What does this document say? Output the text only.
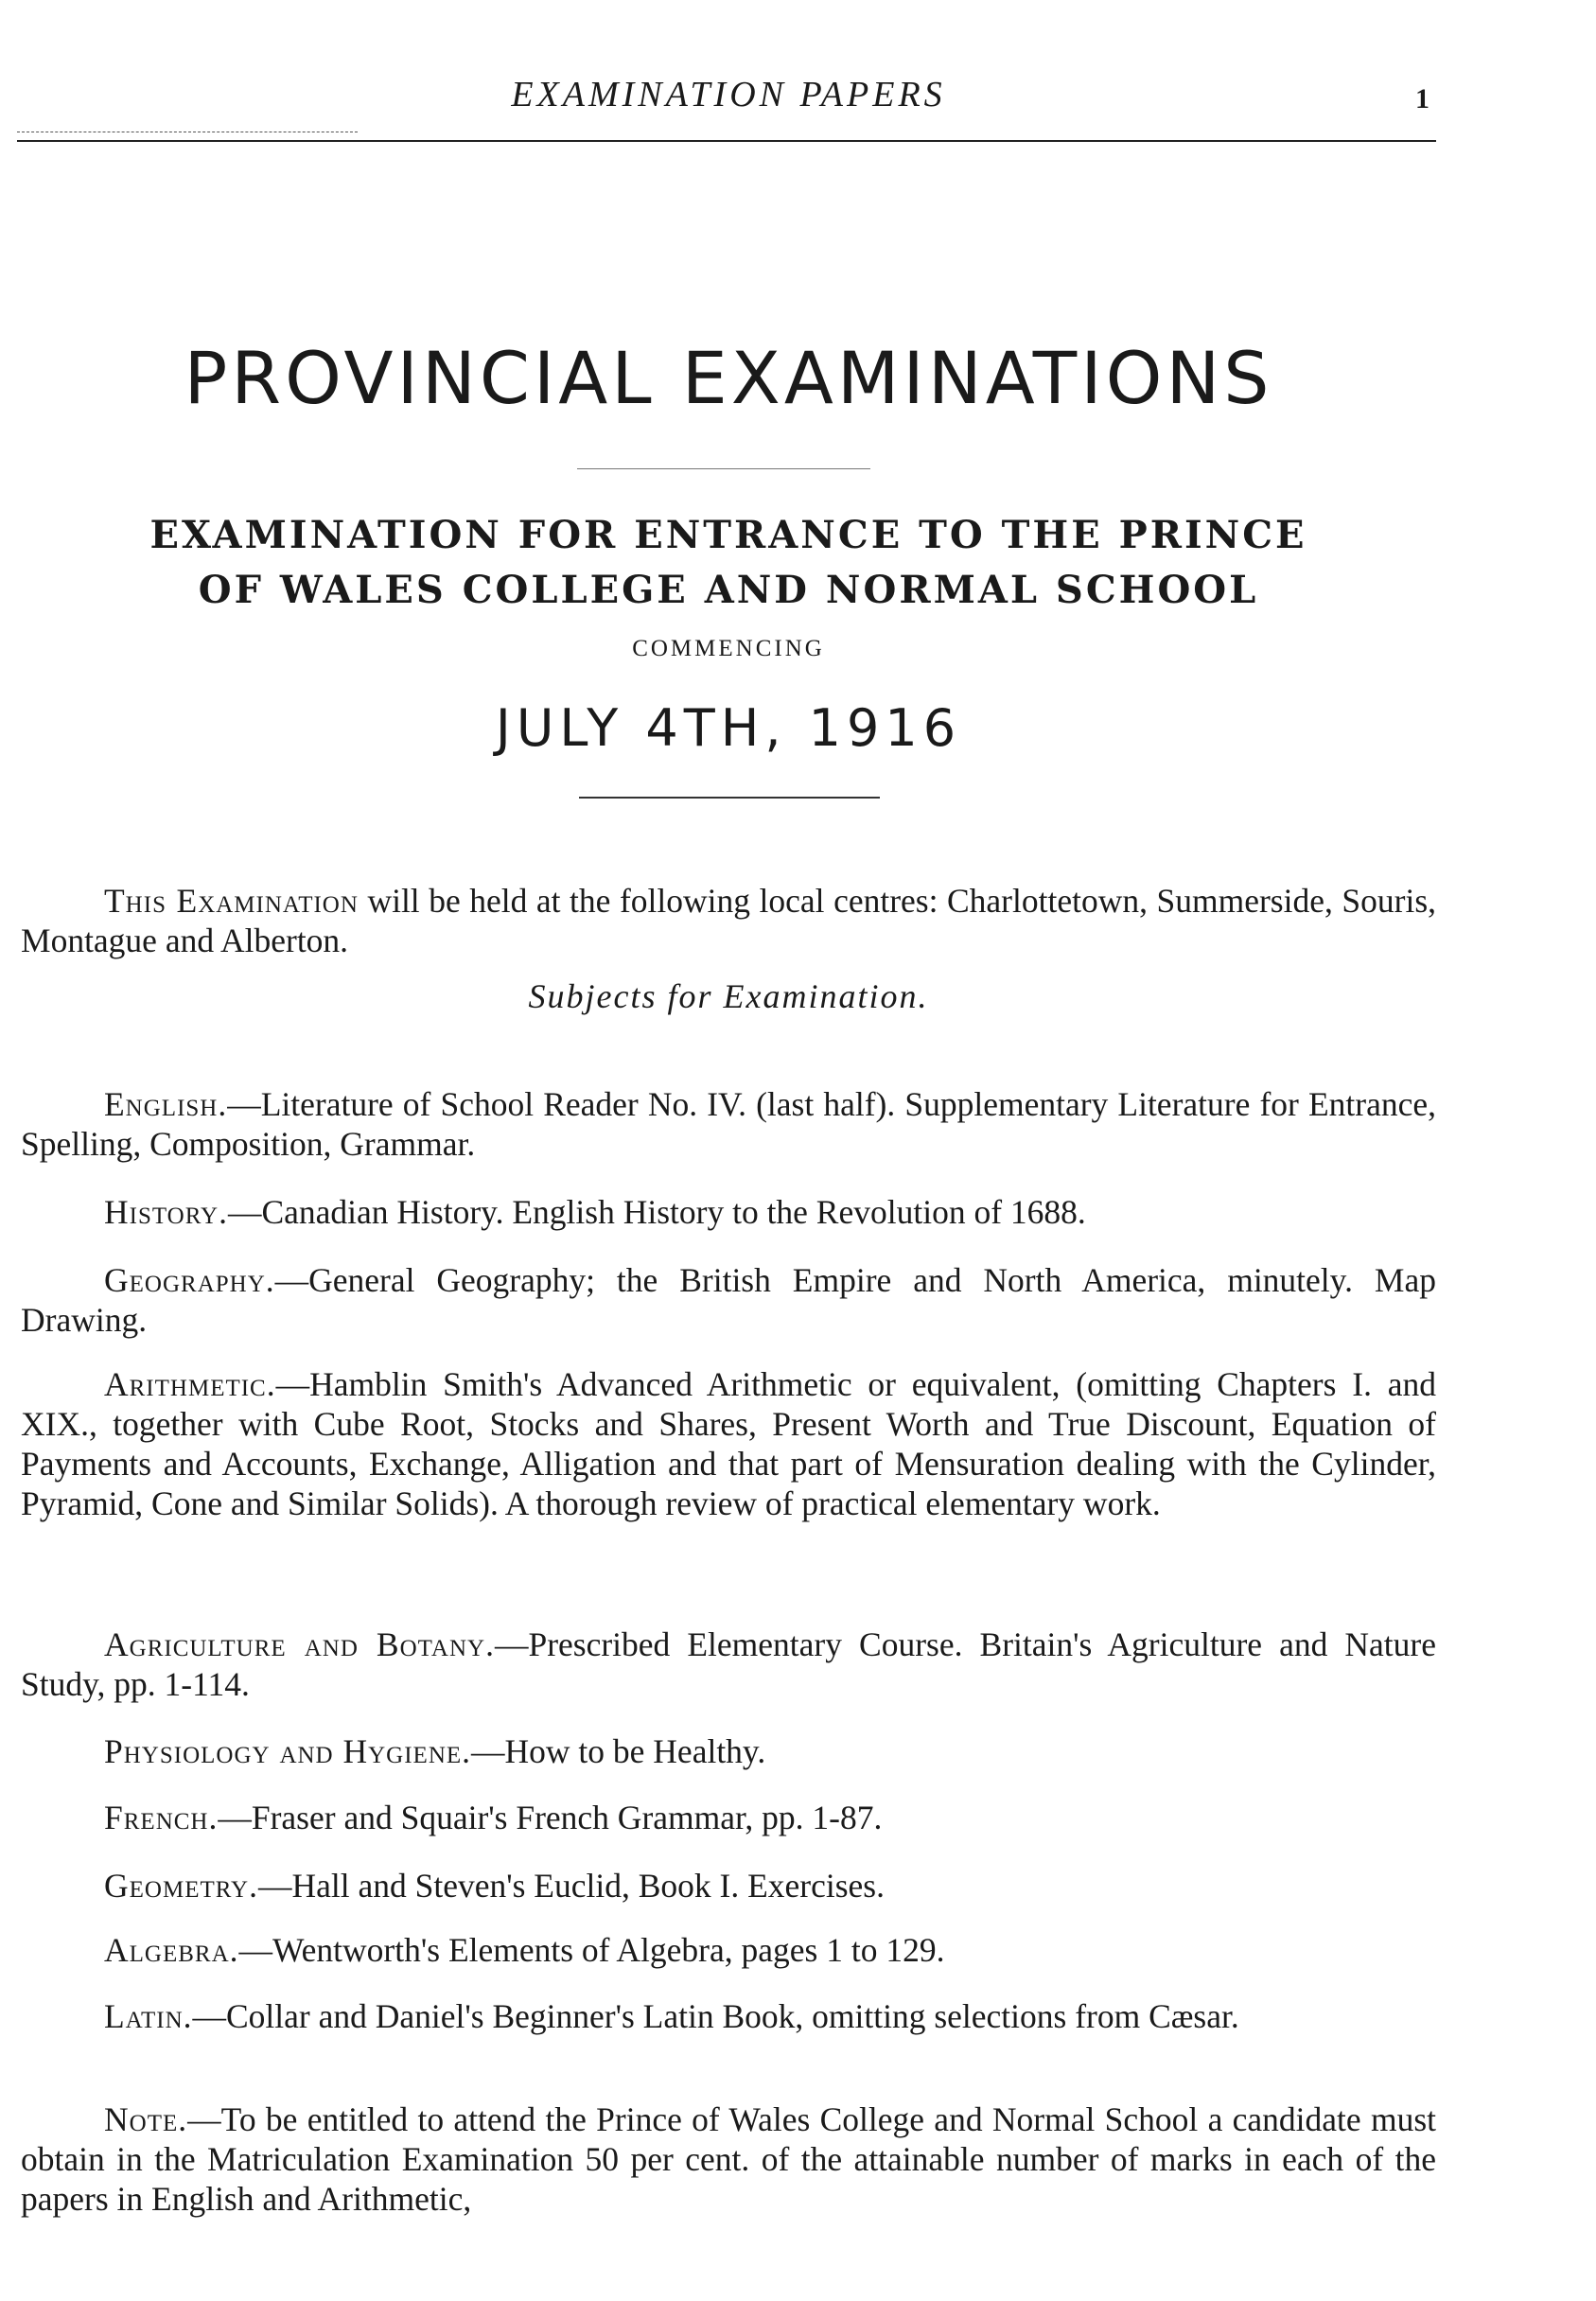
EXAMINATION PAPERS	1
PROVINCIAL EXAMINATIONS
EXAMINATION FOR ENTRANCE TO THE PRINCE
OF WALES COLLEGE AND NORMAL SCHOOL
COMMENCING
JULY 4TH, 1916

This Examination will be held at the following local centres: Charlottetown, Summerside, Souris, Montague and Alberton.

Subjects for Examination.

English.—Literature of School Reader No. IV. (last half). Supplementary Literature for Entrance, Spelling, Composition, Grammar.

History.—Canadian History. English History to the Revolution of 1688.

Geography.—General Geography; the British Empire and North America, minutely. Map Drawing.

Arithmetic.—Hamblin Smith's Advanced Arithmetic or equivalent, (omitting Chapters I. and XIX., together with Cube Root, Stocks and Shares, Present Worth and True Discount, Equation of Payments and Accounts, Exchange, Alligation and that part of Mensuration dealing with the Cylinder, Pyramid, Cone and Similar Solids). A thorough review of practical elementary work.

Agriculture and Botany.—Prescribed Elementary Course. Britain's Agriculture and Nature Study, pp. 1-114.

Physiology and Hygiene.—How to be Healthy.

French.—Fraser and Squair's French Grammar, pp. 1-87.

Geometry.—Hall and Steven's Euclid, Book I. Exercises.

Algebra.—Wentworth's Elements of Algebra, pages 1 to 129.

Latin.—Collar and Daniel's Beginner's Latin Book, omitting selections from Cæsar.

Note.—To be entitled to attend the Prince of Wales College and Normal School a candidate must obtain in the Matriculation Examination 50 per cent. of the attainable number of marks in each of the papers in English and Arithmetic,
